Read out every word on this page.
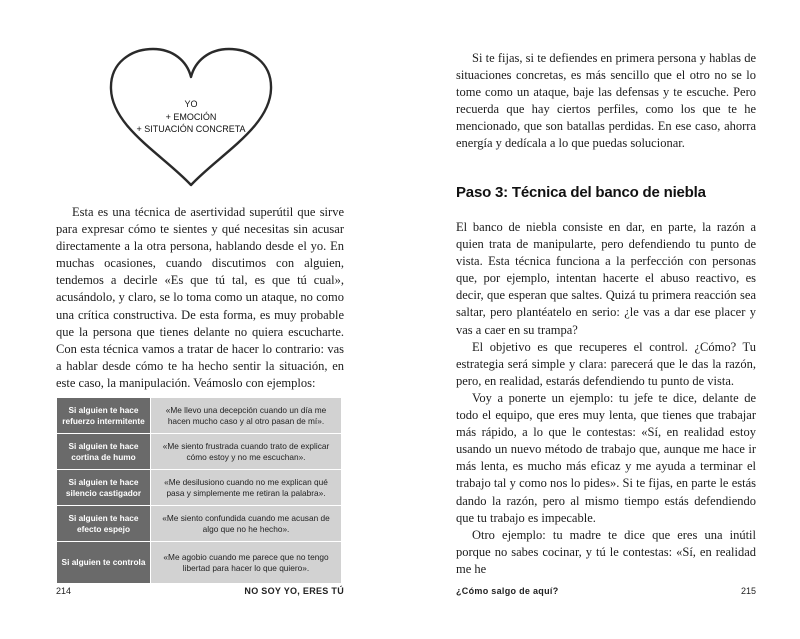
YO
+ EMOCIÓN
+ SITUACIÓN CONCRETA

Esta es una técnica de asertividad superútil que sirve para expresar cómo te sientes y qué necesitas sin acusar directamente a la otra persona, hablando desde el yo. En muchas ocasiones, cuando discutimos con alguien, tendemos a decirle «Es que tú tal, es que tú cual», acusándolo, y claro, se lo toma como un ataque, no como una crítica constructiva. De esta forma, es muy probable que la persona que tienes delante no quiera escucharte. Con esta técnica vamos a tratar de hacer lo contrario: vas a hablar desde cómo te ha hecho sentir la situación, en este caso, la manipulación. Veámoslo con ejemplos:

Si alguien te hace refuerzo intermitente	«Me llevo una decepción cuando un día me hacen mucho caso y al otro pasan de mí».
Si alguien te hace cortina de humo	«Me siento frustrada cuando trato de explicar cómo estoy y no me escuchan».
Si alguien te hace silencio castigador	«Me desilusiono cuando no me explican qué pasa y simplemente me retiran la palabra».
Si alguien te hace efecto espejo	«Me siento confundida cuando me acusan de algo que no he hecho».
Si alguien te controla	«Me agobio cuando me parece que no tengo libertad para hacer lo que quiero».
214	NO SOY YO, ERES TÚ

Si te fijas, si te defiendes en primera persona y hablas de situaciones concretas, es más sencillo que el otro no se lo tome como un ataque, baje las defensas y te escuche. Pero recuerda que hay ciertos perfiles, como los que te he mencionado, que son batallas perdidas. En ese caso, ahorra energía y dedícala a lo que puedas solucionar.

Paso 3: Técnica del banco de niebla

El banco de niebla consiste en dar, en parte, la razón a quien trata de manipularte, pero defendiendo tu punto de vista. Esta técnica funciona a la perfección con personas que, por ejemplo, intentan hacerte el abuso reactivo, es decir, que esperan que saltes. Quizá tu primera reacción sea saltar, pero plantéatelo en serio: ¿le vas a dar ese placer y vas a caer en su trampa?

El objetivo es que recuperes el control. ¿Cómo? Tu estrategia será simple y clara: parecerá que le das la razón, pero, en realidad, estarás defendiendo tu punto de vista.

Voy a ponerte un ejemplo: tu jefe te dice, delante de todo el equipo, que eres muy lenta, que tienes que trabajar más rápido, a lo que le contestas: «Sí, en realidad estoy usando un nuevo método de trabajo que, aunque me hace ir más lenta, es mucho más eficaz y me ayuda a terminar el trabajo tal y como nos lo pides». Si te fijas, en parte le estás dando la razón, pero al mismo tiempo estás defendiendo que tu trabajo es impecable.

Otro ejemplo: tu madre te dice que eres una inútil porque no sabes cocinar, y tú le contestas: «Sí, en realidad me he

¿Cómo salgo de aquí?	215
